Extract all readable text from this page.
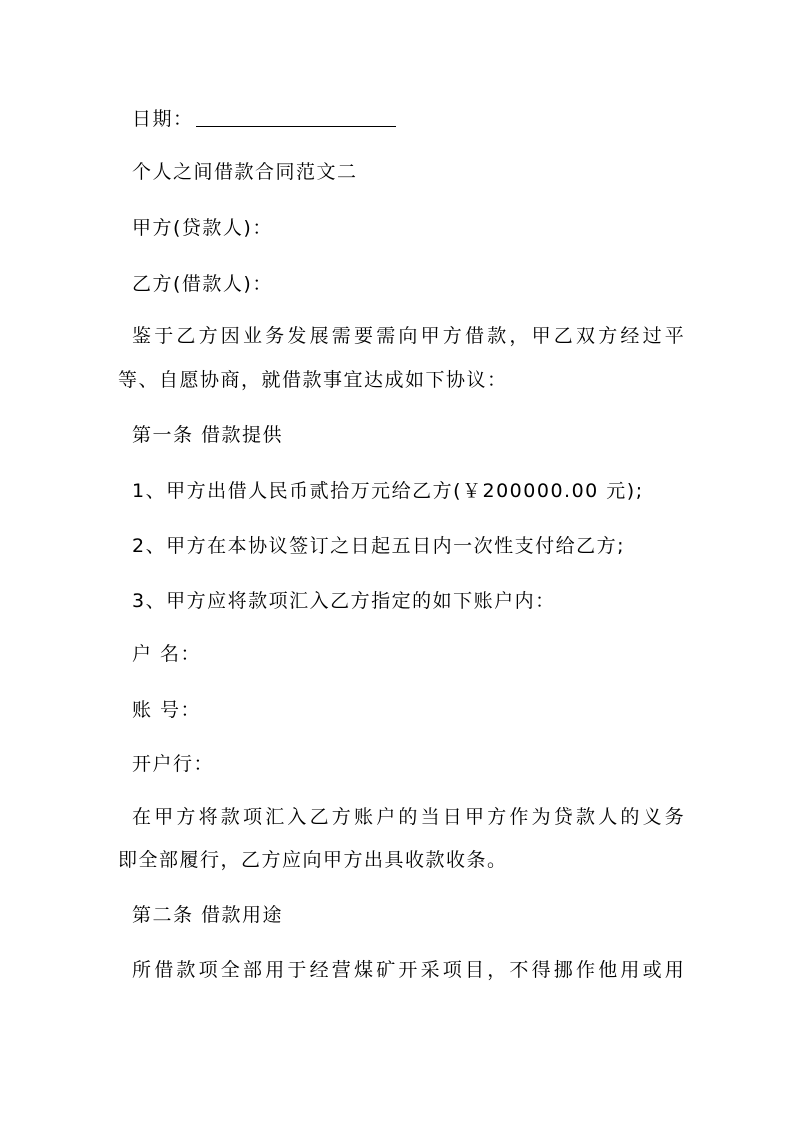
日期：
个人之间借款合同范文二
甲方(贷款人)：
乙方(借款人)：
鉴于乙方因业务发展需要需向甲方借款，甲乙双方经过平
等、自愿协商，就借款事宜达成如下协议：
第一条 借款提供
1、甲方出借人民币贰拾万元给乙方(￥200000.00 元);
2、甲方在本协议签订之日起五日内一次性支付给乙方;
3、甲方应将款项汇入乙方指定的如下账户内：
户 名：
账 号：
开户行：
在甲方将款项汇入乙方账户的当日甲方作为贷款人的义务
即全部履行，乙方应向甲方出具收款收条。
第二条 借款用途
所借款项全部用于经营煤矿开采项目，不得挪作他用或用
